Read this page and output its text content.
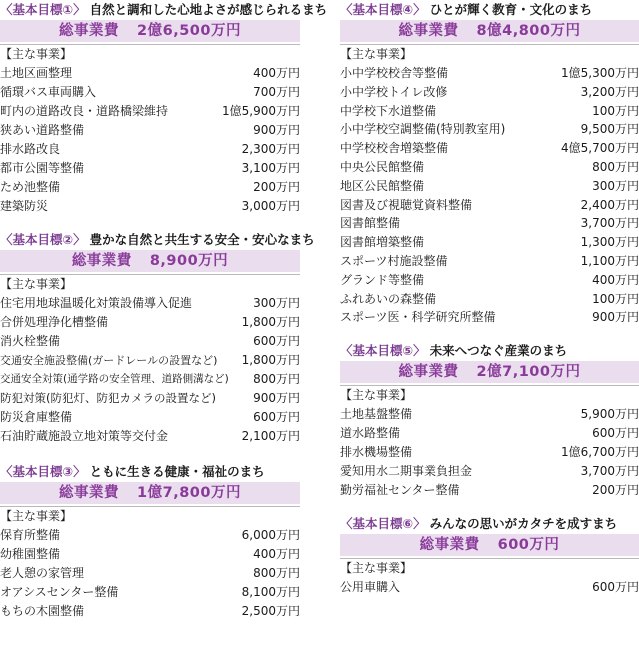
〈基本目標①〉 自然と調和した心地よさが感じられるまち
総事業費 2億6,500万円
【主な事業】
土地区画整理	400万円
循環バス車両購入	700万円
町内の道路改良・道路橋梁維持	1億5,900万円
狭あい道路整備	900万円
排水路改良	2,300万円
都市公園等整備	3,100万円
ため池整備	200万円
建築防災	3,000万円
〈基本目標②〉 豊かな自然と共生する安全・安心なまち
総事業費 8,900万円
【主な事業】
住宅用地球温暖化対策設備導入促進	300万円
合併処理浄化槽整備	1,800万円
消火栓整備	600万円
交通安全施設整備(ガードレールの設置など)	1,800万円
交通安全対策(通学路の安全管理、道路側溝など)	800万円
防犯対策(防犯灯、防犯カメラの設置など)	900万円
防災倉庫整備	600万円
石油貯蔵施設立地対策等交付金	2,100万円
〈基本目標③〉 ともに生きる健康・福祉のまち
総事業費 1億7,800万円
【主な事業】
保育所整備	6,000万円
幼稚園整備	400万円
老人憩の家管理	800万円
オアシスセンター整備	8,100万円
もちの木園整備	2,500万円
〈基本目標④〉 ひとが輝く教育・文化のまち
総事業費 8億4,800万円
【主な事業】
小中学校校舎等整備	1億5,300万円
小中学校トイレ改修	3,200万円
中学校下水道整備	100万円
小中学校空調整備(特別教室用)	9,500万円
中学校校舎増築整備	4億5,700万円
中央公民館整備	800万円
地区公民館整備	300万円
図書及び視聴覚資料整備	2,400万円
図書館整備	3,700万円
図書館増築整備	1,300万円
スポーツ村施設整備	1,100万円
グランド等整備	400万円
ふれあいの森整備	100万円
スポーツ医・科学研究所整備	900万円
〈基本目標⑤〉 未来へつなぐ産業のまち
総事業費 2億7,100万円
【主な事業】
土地基盤整備	5,900万円
道水路整備	600万円
排水機場整備	1億6,700万円
愛知用水二期事業負担金	3,700万円
勤労福祉センター整備	200万円
〈基本目標⑥〉 みんなの思いがカタチを成すまち
総事業費 600万円
【主な事業】
公用車購入	600万円
